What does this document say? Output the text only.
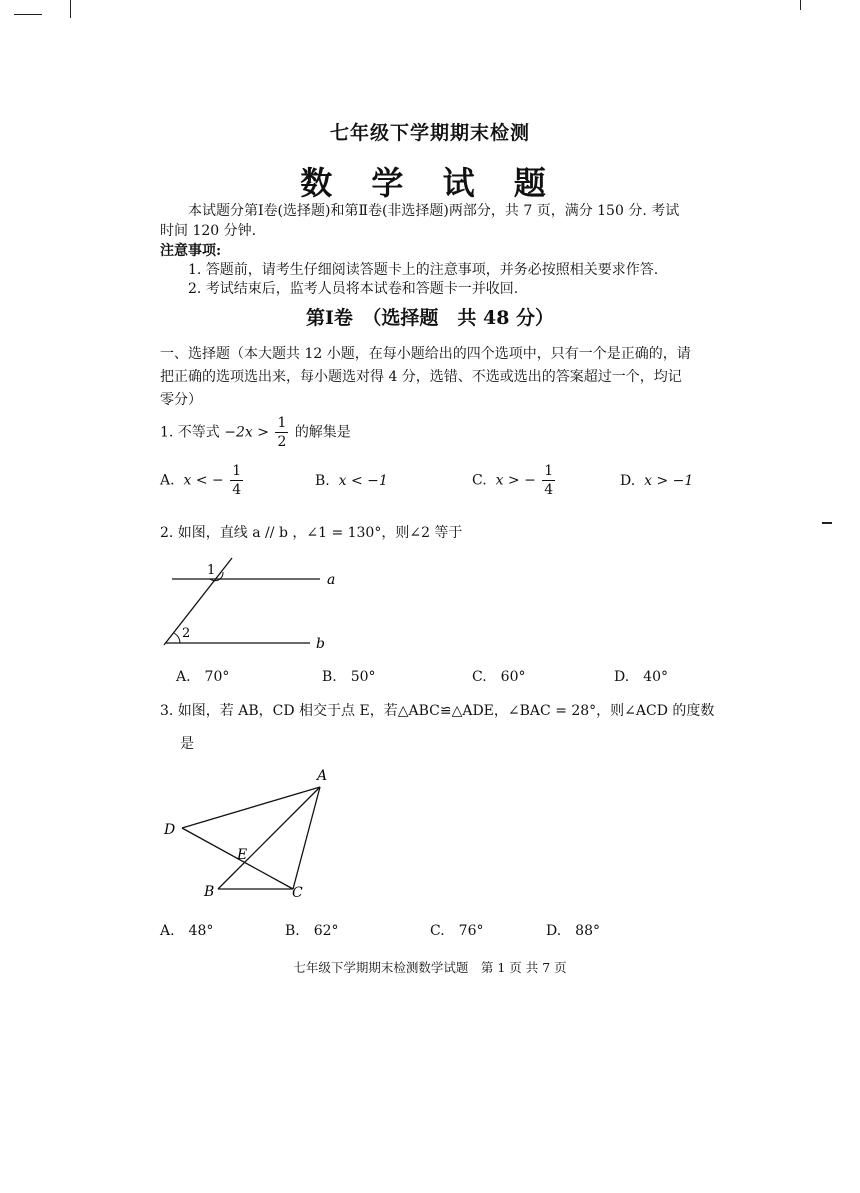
七年级下学期期末检测
数 学 试 题
本试题分第Ⅰ卷(选择题)和第Ⅱ卷(非选择题)两部分，共 7 页，满分 150 分. 考试
时间 120 分钟.
注意事项:
1. 答题前，请考生仔细阅读答题卡上的注意事项，并务必按照相关要求作答.
2. 考试结束后，监考人员将本试卷和答题卡一并收回.
第Ⅰ卷　（选择题　共 48 分）
一、选择题（本大题共 12 小题，在每小题给出的四个选项中，只有一个是正确的，请
把正确的选项选出来，每小题选对得 4 分，选错、不选或选出的答案超过一个，均记
零分）
1. 不等式 $-2x > \frac{1}{2}$ 的解集是
A. x < − $\frac{1}{4}$	B. x < −1	C. x > − $\frac{1}{4}$	D. x > −1
2. 如图，直线 a // b ，∠1 = 130°，则∠2 等于
1
2
a
b
A.　70°	B.　50°	C.　60°	D.　40°
3. 如图，若 AB，CD 相交于点 E，若△ABC≌△ADE，∠BAC = 28°，则∠ACD 的度数
是
A
D
E
B	C
A.　48°	B.　62°	C.　76°	D.　88°
七年级下学期期末检测数学试题　第 1 页 共 7 页
